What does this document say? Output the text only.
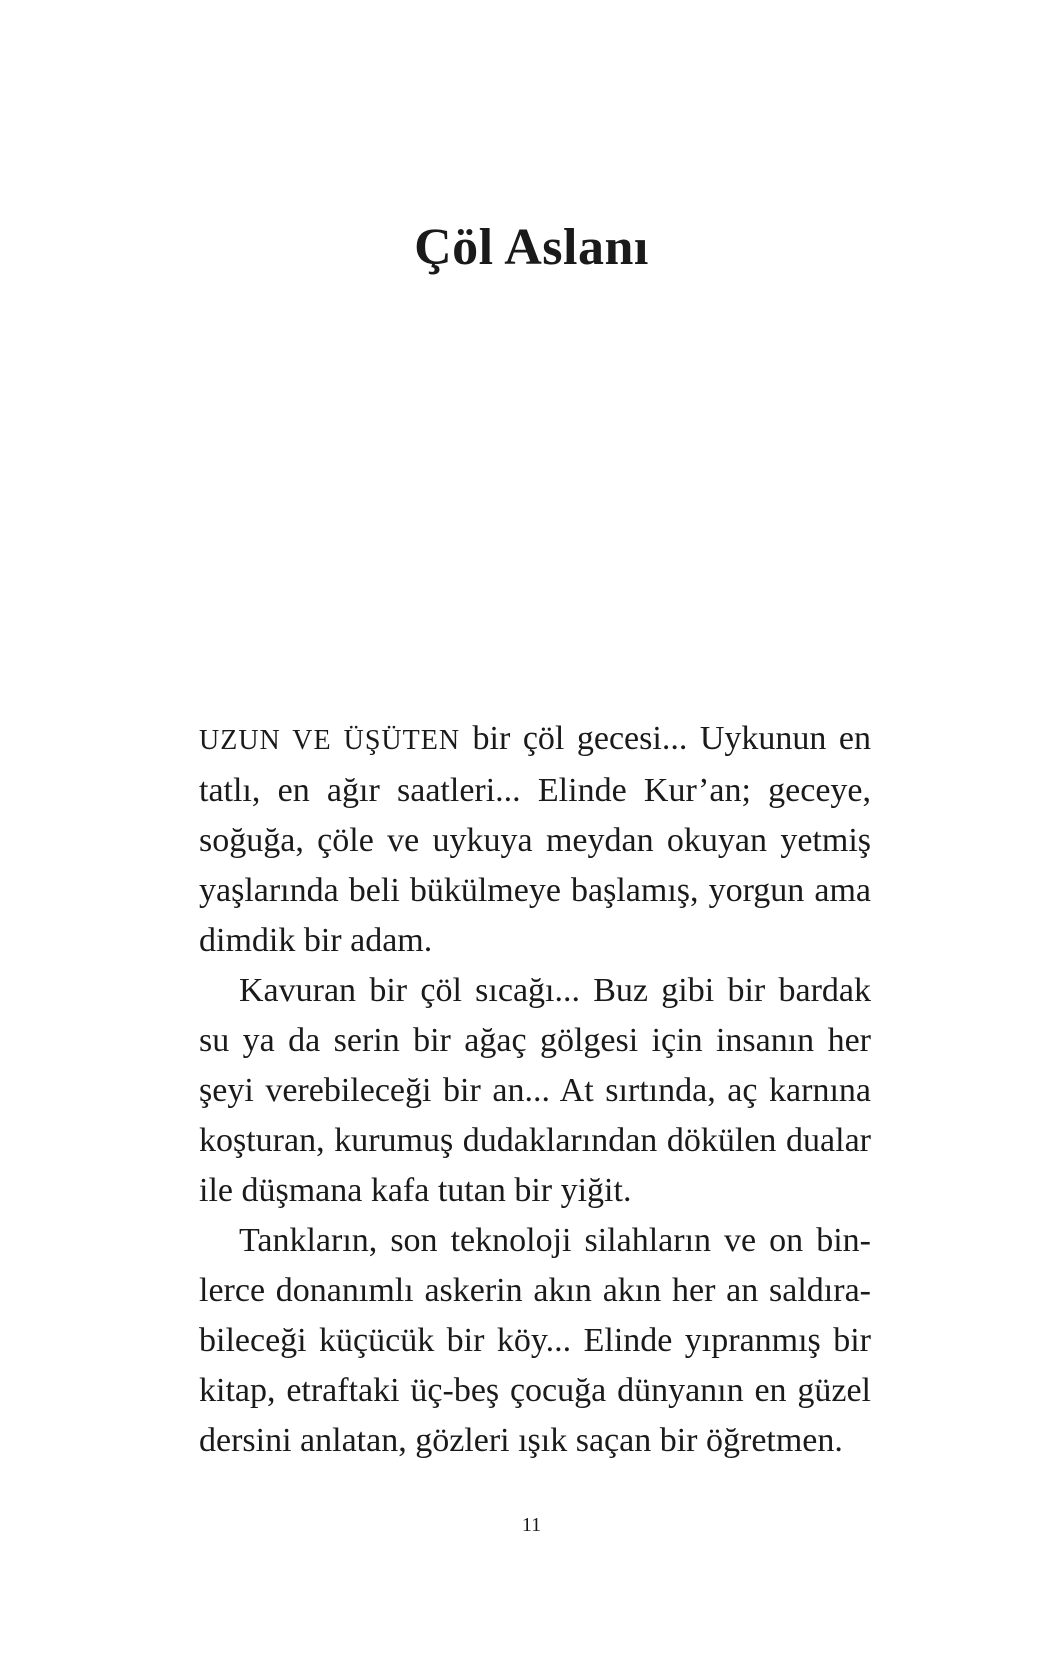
Çöl Aslanı

UZUN VE ÜŞÜTEN bir çöl gecesi... Uykunun en tatlı, en ağır saatleri... Elinde Kur’an; geceye, soğuğa, çöle ve uykuya meydan okuyan yetmiş yaşlarında beli bükülmeye başlamış, yorgun ama dimdik bir adam.

Kavuran bir çöl sıcağı... Buz gibi bir bardak su ya da serin bir ağaç gölgesi için insanın her şeyi verebileceği bir an... At sırtında, aç karnına koşturan, kurumuş dudaklarından dökülen dualar ile düşmana kafa tutan bir yiğit.

Tankların, son teknoloji silahların ve on binlerce donanımlı askerin akın akın her an saldırabileceği küçücük bir köy... Elinde yıpranmış bir kitap, etraftaki üç-beş çocuğa dünyanın en güzel dersini anlatan, gözleri ışık saçan bir öğretmen.

11
